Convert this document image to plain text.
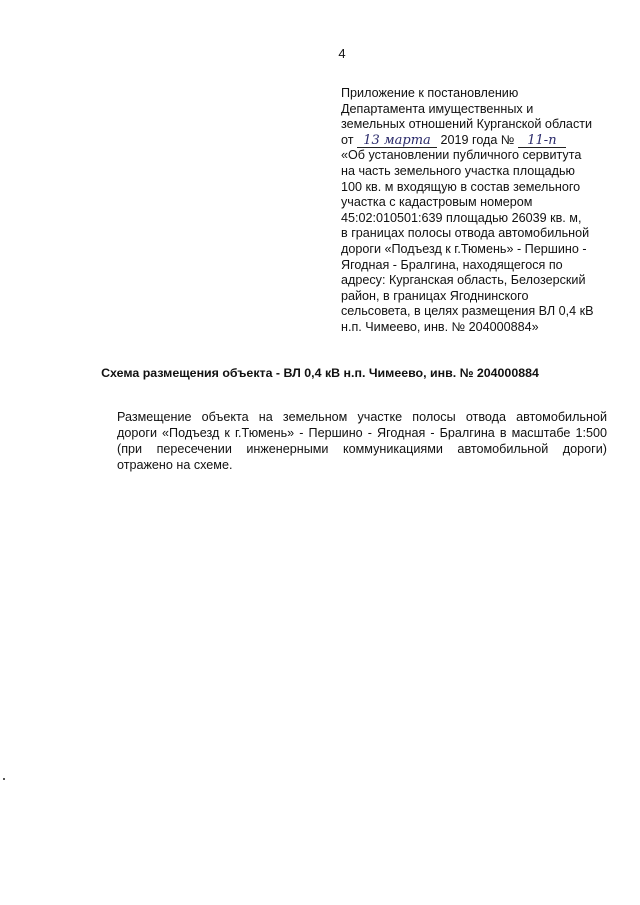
4
Приложение к постановлению
Департамента имущественных и
земельных отношений Курганской области
от 13 марта 2019 года № 11-п
«Об установлении публичного сервитута
на часть земельного участка площадью
100 кв. м входящую в состав земельного
участка с кадастровым номером
45:02:010501:639 площадью 26039 кв. м,
в границах полосы отвода автомобильной
дороги «Подъезд к г.Тюмень» - Першино -
Ягодная - Бралгина, находящегося по
адресу: Курганская область, Белозерский
район, в границах Ягоднинского
сельсовета, в целях размещения ВЛ 0,4 кВ
н.п. Чимеево, инв. № 204000884»
Схема размещения объекта - ВЛ 0,4 кВ н.п. Чимеево, инв. № 204000884
Размещение объекта на земельном участке полосы отвода автомобильной
дороги «Подъезд к г.Тюмень» - Першино - Ягодная - Бралгина в масштабе 1:500 (при пересечении инженерными коммуникациями автомобильной дороги) отражено на схеме.
